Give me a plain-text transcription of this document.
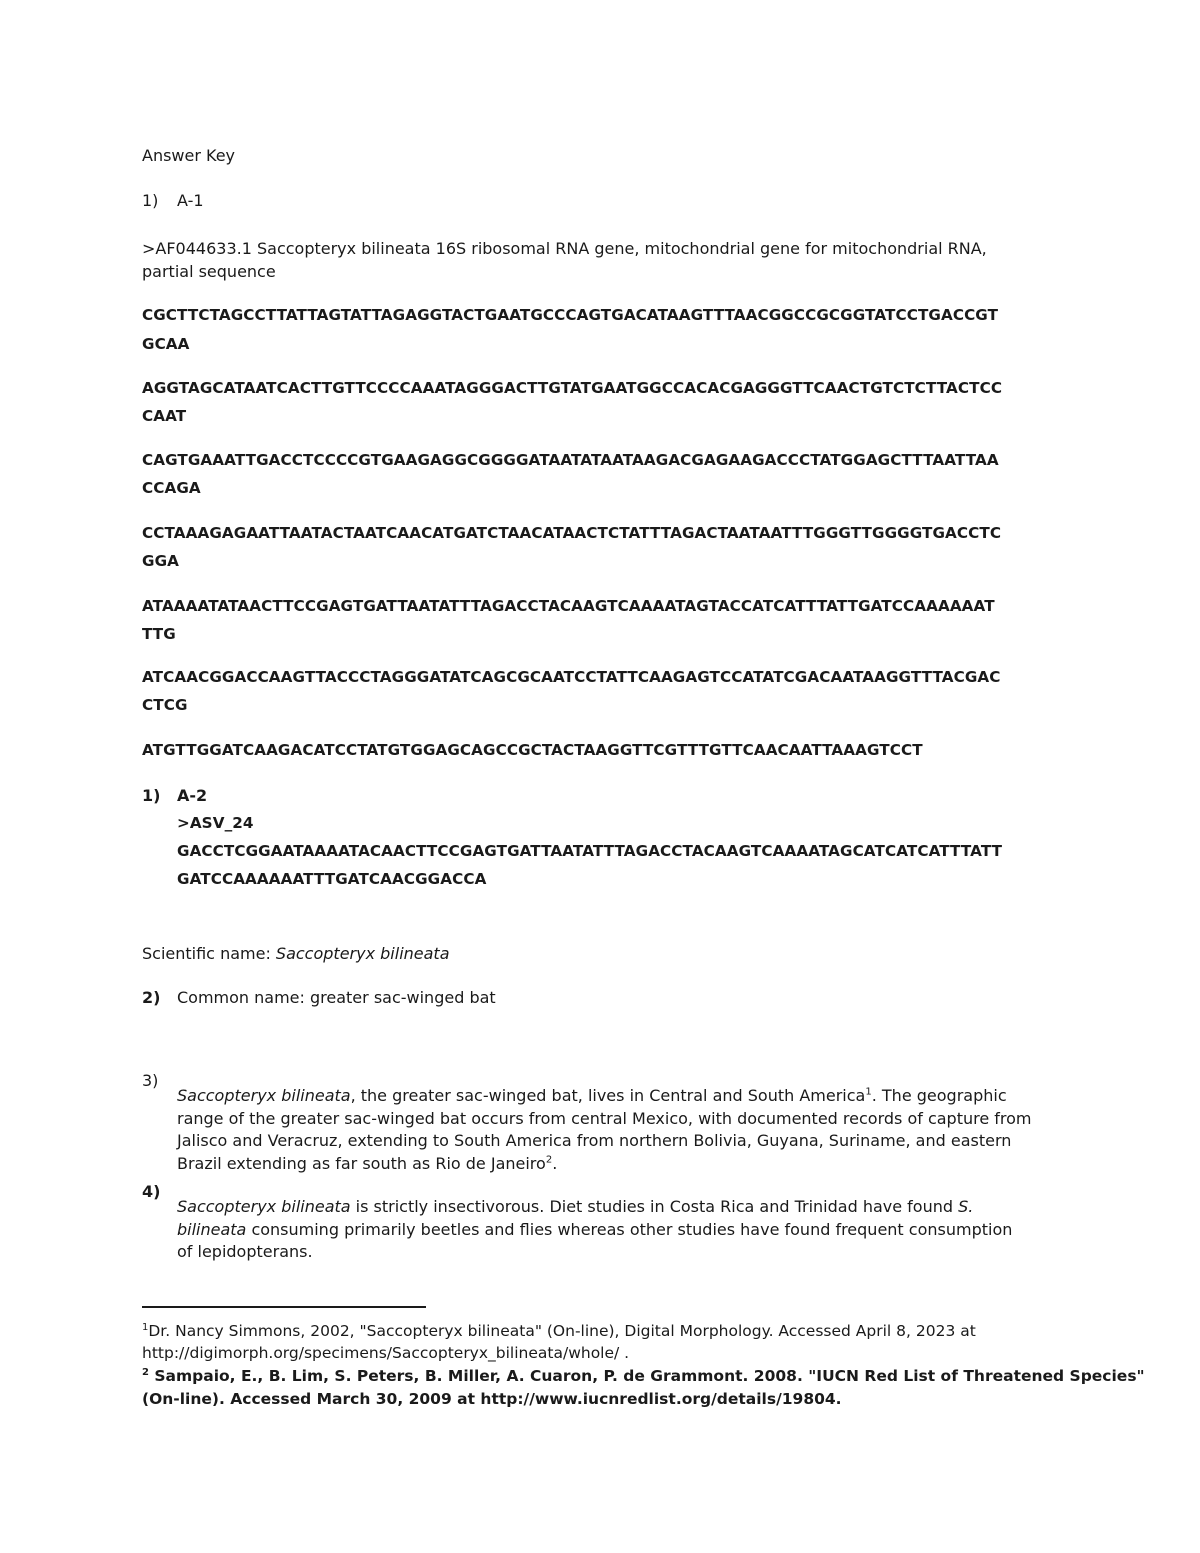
Answer Key

1) A-1

>AF044633.1 Saccopteryx bilineata 16S ribosomal RNA gene, mitochondrial gene for mitochondrial RNA,

partial sequence

CGCTTCTAGCCTTATTAGTATTAGAGGTACTGAATGCCCAGTGACATAAGTTTAACGGCCGCGGTATCCTGACCGT

GCAA

AGGTAGCATAATCACTTGTTCCCCAAATAGGGACTTGTATGAATGGCCACACGAGGGTTCAACTGTCTCTTACTCC

CAAT

CAGTGAAATTGACCTCCCCGTGAAGAGGCGGGGATAATATAATAAGACGAGAAGACCCTATGGAGCTTTAATTAA

CCAGA

CCTAAAGAGAATTAATACTAATCAACATGATCTAACATAACTCTATTTAGACTAATAATTTGGGTTGGGGTGACCTC

GGA

ATAAAATATAACTTCCGAGTGATTAATATTTAGACCTACAAGTCAAAATAGTACCATCATTTATTGATCCAAAAAAT

TTG

ATCAACGGACCAAGTTACCCTAGGGATATCAGCGCAATCCTATTCAAGAGTCCATATCGACAATAAGGTTTACGAC

CTCG

ATGTTGGATCAAGACATCCTATGTGGAGCAGCCGCTACTAAGGTTCGTTTGTTCAACAATTAAAGTCCT

1) A-2

>ASV_24

GACCTCGGAATAAAATACAACTTCCGAGTGATTAATATTTAGACCTACAAGTCAAAATAGCATCATCATTTATT

GATCCAAAAAATTTGATCAACGGACCA

Scientific name: Saccopteryx bilineata

2) Common name: greater sac-winged bat
3)

Saccopteryx bilineata, the greater sac-winged bat, lives in Central and South America$^1$. The geographic range of the greater sac-winged bat occurs from central Mexico, with documented records of capture from Jalisco and Veracruz, extending to South America from northern Bolivia, Guyana, Suriname, and eastern Brazil extending as far south as Rio de Janeiro$^2$.

4)

Saccopteryx bilineata is strictly insectivorous. Diet studies in Costa Rica and Trinidad have found S. bilineata consuming primarily beetles and flies whereas other studies have found frequent consumption of lepidopterans.

$^1$Dr. Nancy Simmons, 2002, "Saccopteryx bilineata" (On-line), Digital Morphology. Accessed April 8, 2023 at

http://digimorph.org/specimens/Saccopteryx_bilineata/whole/ .

$^2$ Sampaio, E., B. Lim, S. Peters, B. Miller, A. Cuaron, P. de Grammont. 2008. "IUCN Red List of Threatened Species"

(On-line). Accessed March 30, 2009 at http://www.iucnredlist.org/details/19804.
